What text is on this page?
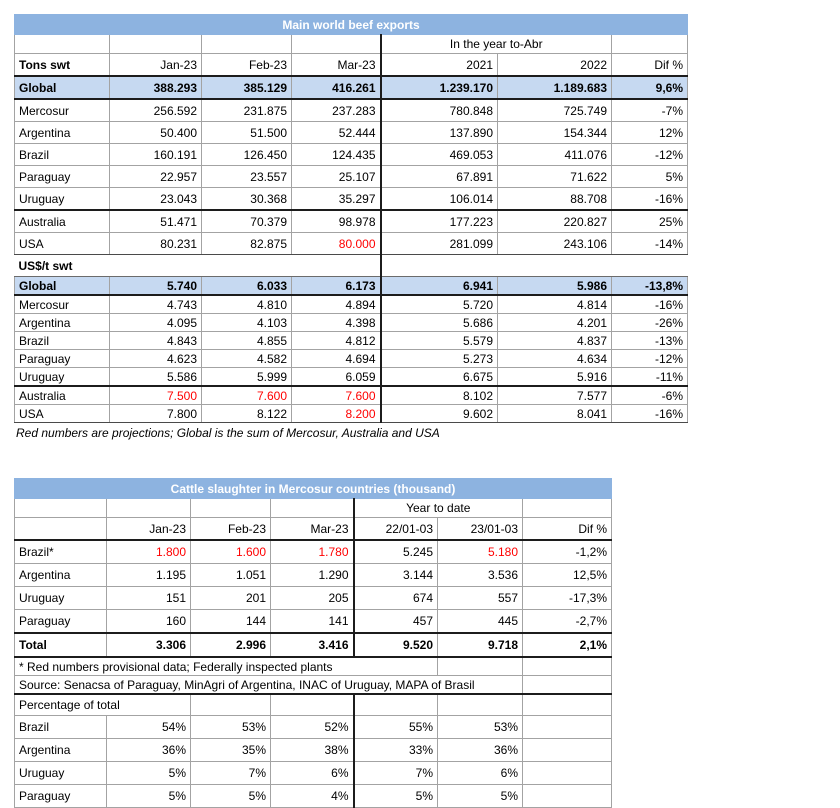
Main world beef exports						
				In the year to-Abr		
Tons swt	Jan-23	Feb-23	Mar-23	2021	2022	Dif %
Global	388.293	385.129	416.261	1.239.170	1.189.683	9,6%
Mercosur	256.592	231.875	237.283	780.848	725.749	-7%
Argentina	50.400	51.500	52.444	137.890	154.344	12%
Brazil	160.191	126.450	124.435	469.053	411.076	-12%
Paraguay	22.957	23.557	25.107	67.891	71.622	5%
Uruguay	23.043	30.368	35.297	106.014	88.708	-16%
Australia	51.471	70.379	98.978	177.223	220.827	25%
USA	80.231	82.875	80.000	281.099	243.106	-14%
US$/t swt						
Global	5.740	6.033	6.173	6.941	5.986	-13,8%
Mercosur	4.743	4.810	4.894	5.720	4.814	-16%
Argentina	4.095	4.103	4.398	5.686	4.201	-26%
Brazil	4.843	4.855	4.812	5.579	4.837	-13%
Paraguay	4.623	4.582	4.694	5.273	4.634	-12%
Uruguay	5.586	5.999	6.059	6.675	5.916	-11%
Australia	7.500	7.600	7.600	8.102	7.577	-6%
USA	7.800	8.122	8.200	9.602	8.041	-16%
Red numbers are projections; Global is the sum of Mercosur, Australia and USA
Cattle slaughter in Mercosur countries (thousand)						
				Year to date		
	Jan-23	Feb-23	Mar-23	22/01-03	23/01-03	Dif %
Brazil*	1.800	1.600	1.780	5.245	5.180	-1,2%
Argentina	1.195	1.051	1.290	3.144	3.536	12,5%
Uruguay	151	201	205	674	557	-17,3%
Paraguay	160	144	141	457	445	-2,7%
Total	3.306	2.996	3.416	9.520	9.718	2,1%
* Red numbers provisional data; Federally inspected plants						
Source: Senacsa of Paraguay, MinAgri of Argentina, INAC of Uruguay, MAPA of Brasil						
Percentage of total						
Brazil	54%	53%	52%	55%	53%	
Argentina	36%	35%	38%	33%	36%	
Uruguay	5%	7%	6%	7%	6%	
Paraguay	5%	5%	4%	5%	5%	
